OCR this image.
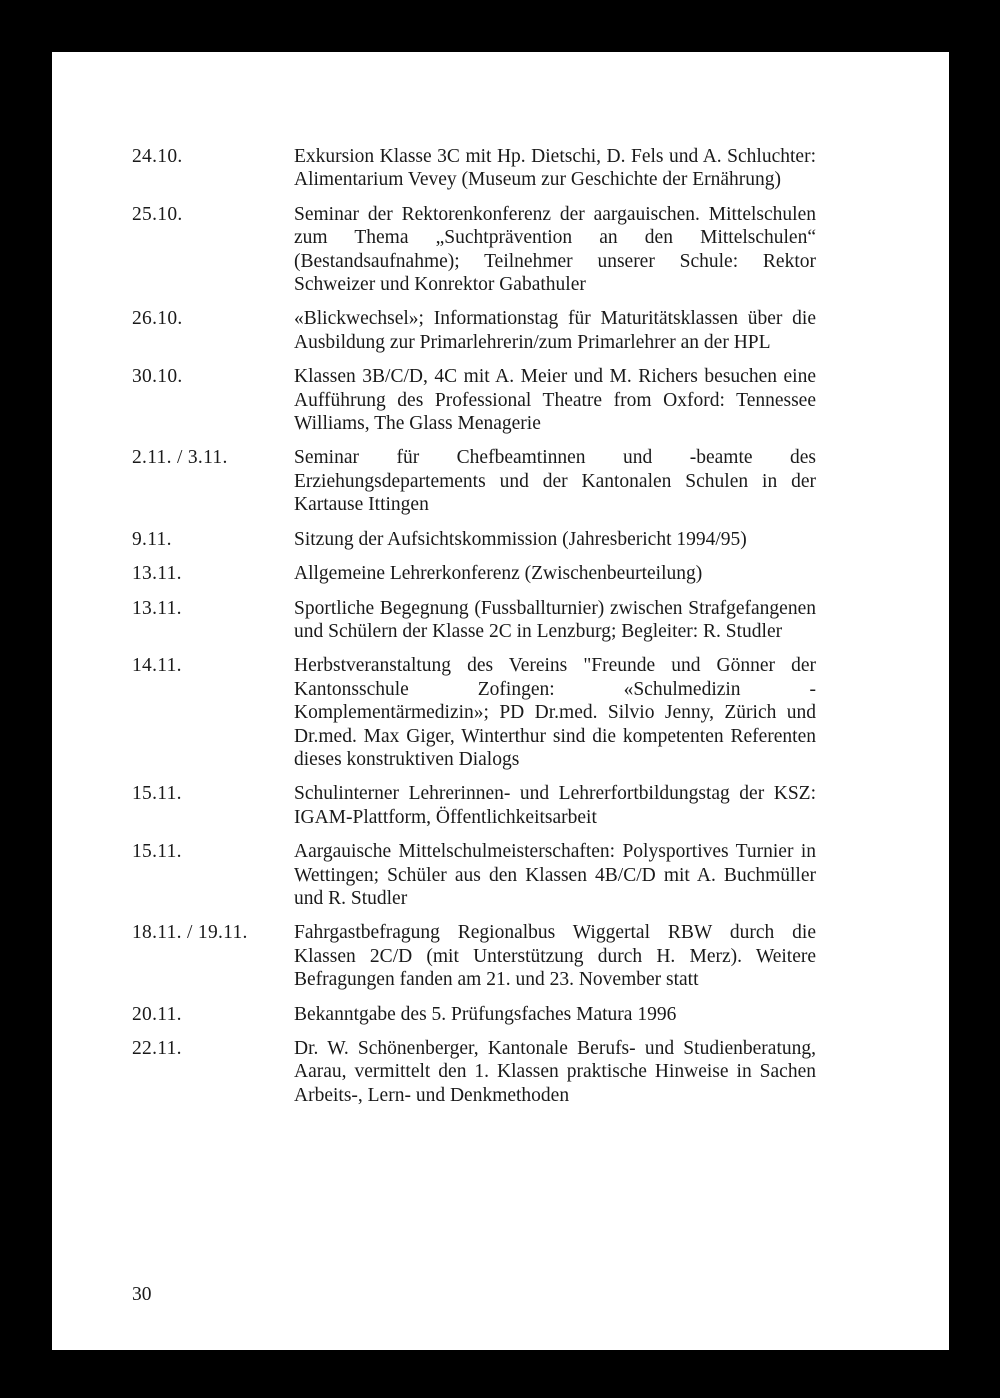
24.10.	Exkursion Klasse 3C mit Hp. Dietschi, D. Fels und A. Schluchter: Alimentarium Vevey (Museum zur Geschichte der Ernährung)
25.10.	Seminar der Rektorenkonferenz der aargauischen. Mittelschulen zum Thema „Suchtprävention an den Mittelschulen“ (Bestandsaufnahme); Teilnehmer unserer Schule: Rektor Schweizer und Konrektor Gabathuler
26.10.	«Blickwechsel»; Informationstag für Maturitätsklassen über die Ausbildung zur Primarlehrerin/zum Primarlehrer an der HPL
30.10.	Klassen 3B/C/D, 4C mit A. Meier und M. Richers besuchen eine Aufführung des Professional Theatre from Oxford: Tennessee Williams, The Glass Menagerie
2.11. / 3.11.	Seminar für Chefbeamtinnen und -beamte des Erziehungsdepartements und der Kantonalen Schulen in der Kartause Ittingen
9.11.	Sitzung der Aufsichtskommission (Jahresbericht 1994/95)
13.11.	Allgemeine Lehrerkonferenz (Zwischenbeurteilung)
13.11.	Sportliche Begegnung (Fussballturnier) zwischen Strafgefangenen und Schülern der Klasse 2C in Lenzburg; Begleiter: R. Studler
14.11.	Herbstveranstaltung des Vereins "Freunde und Gönner der Kantonsschule Zofingen: «Schulmedizin - Komplementärmedizin»; PD Dr.med. Silvio Jenny, Zürich und Dr.med. Max Giger, Winterthur sind die kompetenten Referenten dieses konstruktiven Dialogs
15.11.	Schulinterner Lehrerinnen- und Lehrerfortbildungstag der KSZ: IGAM-Plattform, Öffentlichkeitsarbeit
15.11.	Aargauische Mittelschulmeisterschaften: Polysportives Turnier in Wettingen; Schüler aus den Klassen 4B/C/D mit A. Buchmüller und R. Studler
18.11. / 19.11.	Fahrgastbefragung Regionalbus Wiggertal RBW durch die Klassen 2C/D (mit Unterstützung durch H. Merz). Weitere Befragungen fanden am 21. und 23. November statt
20.11.	Bekanntgabe des 5. Prüfungsfaches Matura 1996
22.11.	Dr. W. Schönenberger, Kantonale Berufs- und Studienberatung, Aarau, vermittelt den 1. Klassen praktische Hinweise in Sachen Arbeits-, Lern- und Denkmethoden
30
